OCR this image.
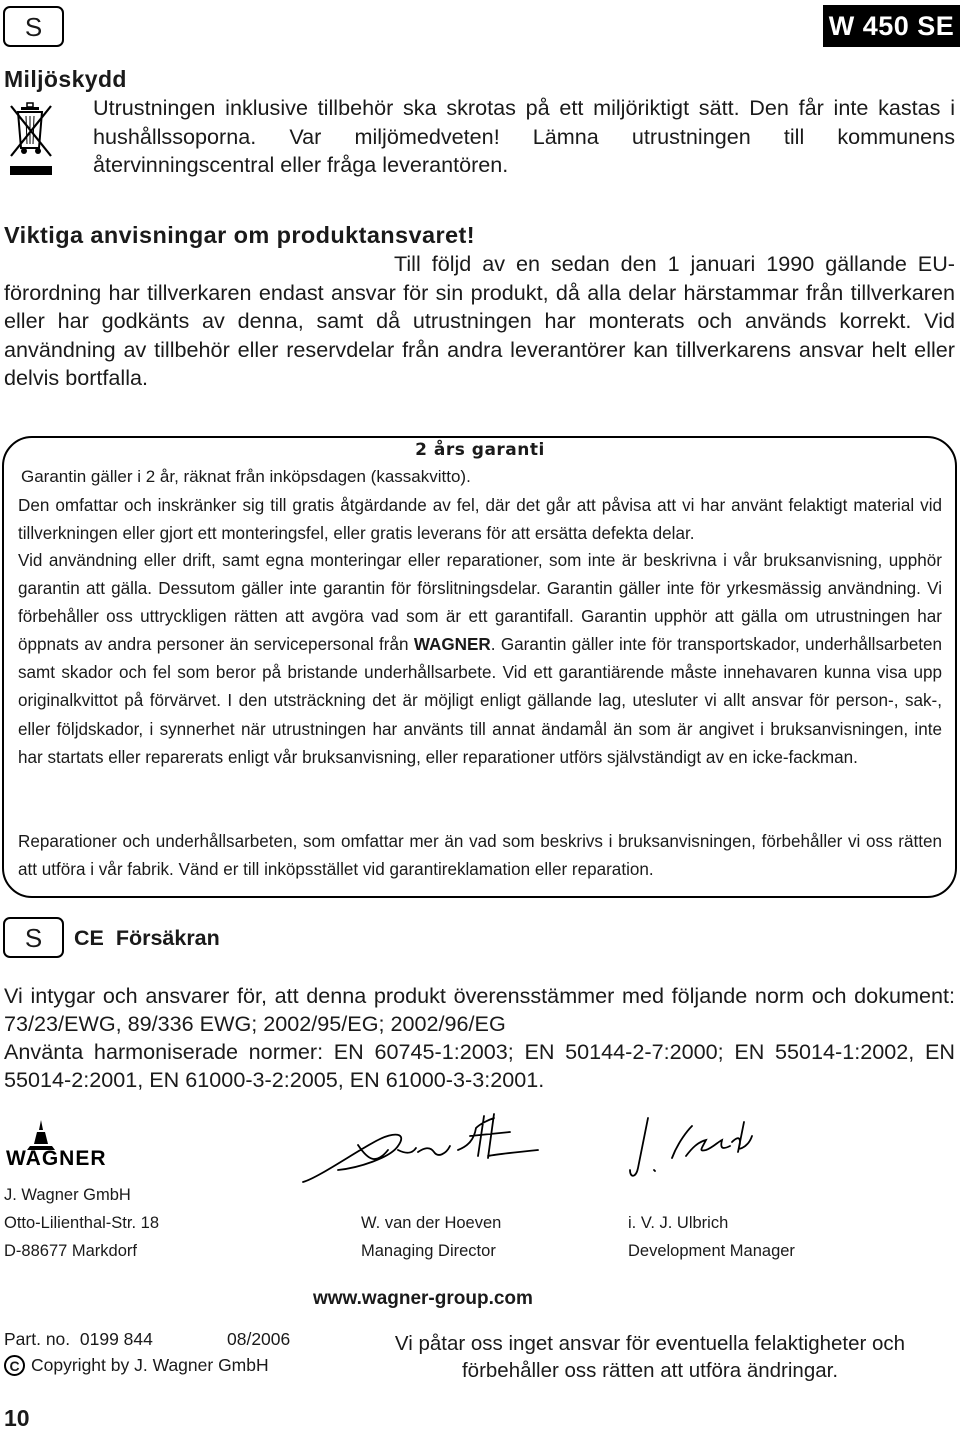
S	W 450 SE
Miljöskydd
Utrustningen inklusive tillbehör ska skrotas på ett miljöriktigt sätt. Den får inte kastas i hushållssoporna. Var miljömedveten! Lämna utrustningen till kommunens återvinningscentral eller fråga leverantören.
Viktiga anvisningar om produktansvaret!
Till följd av en sedan den 1 januari 1990 gällande EU-förordning har tillverkaren endast ansvar för sin produkt, då alla delar härstammar från tillverkaren eller har godkänts av denna, samt då utrustningen har monterats och används korrekt. Vid användning av tillbehör eller reservdelar från andra leverantörer kan tillverkarens ansvar helt eller delvis bortfalla.
2 års garanti
Garantin gäller i 2 år, räknat från inköpsdagen (kassakvitto).
Den omfattar och inskränker sig till gratis åtgärdande av fel, där det går att påvisa att vi har använt felaktigt material vid tillverkningen eller gjort ett monteringsfel, eller gratis leverans för att ersätta defekta delar.
Vid användning eller drift, samt egna monteringar eller reparationer, som inte är beskrivna i vår bruksanvisning, upphör garantin att gälla. Dessutom gäller inte garantin för förslitningsdelar. Garantin gäller inte för yrkesmässig användning. Vi förbehåller oss uttryckligen rätten att avgöra vad som är ett garantifall. Garantin upphör att gälla om utrustningen har öppnats av andra personer än servicepersonal från WAGNER. Garantin gäller inte för transportskador, underhållsarbeten samt skador och fel som beror på bristande underhållsarbete. Vid ett garantiärende måste innehavaren kunna visa upp originalkvittot på förvärvet. I den utsträckning det är möjligt enligt gällande lag, utesluter vi allt ansvar för person-, sak-, eller följdskador, i synnerhet när utrustningen har använts till annat ändamål än som är angivet i bruksanvisningen, inte har startats eller reparerats enligt vår bruksanvisning, eller reparationer utförs självständigt av en icke-fackman.
Reparationer och underhållsarbeten, som omfattar mer än vad som beskrivs i bruksanvisningen, förbehåller vi oss rätten att utföra i vår fabrik. Vänd er till inköpsstället vid garantireklamation eller reparation.
S CE  Försäkran
Vi intygar och ansvarer för, att denna produkt överensstämmer med följande norm och dokument: 73/23/EWG, 89/336 EWG; 2002/95/EG; 2002/96/EG
Använta harmoniserade normer: EN 60745-1:2003; EN 50144-2-7:2000; EN 55014-1:2002, EN 55014-2:2001, EN 61000-3-2:2005, EN 61000-3-3:2001.
WAGNER
J. Wagner GmbH
Otto-Lilienthal-Str. 18
D-88677 Markdorf
W. van der Hoeven
Managing Director
i. V. J. Ulbrich
Development Manager
www.wagner-group.com
Part. no.  0199 844	08/2006
C Copyright by J. Wagner GmbH
Vi påtar oss inget ansvar för eventuella felaktigheter och
förbehåller oss rätten att utföra ändringar.
10
